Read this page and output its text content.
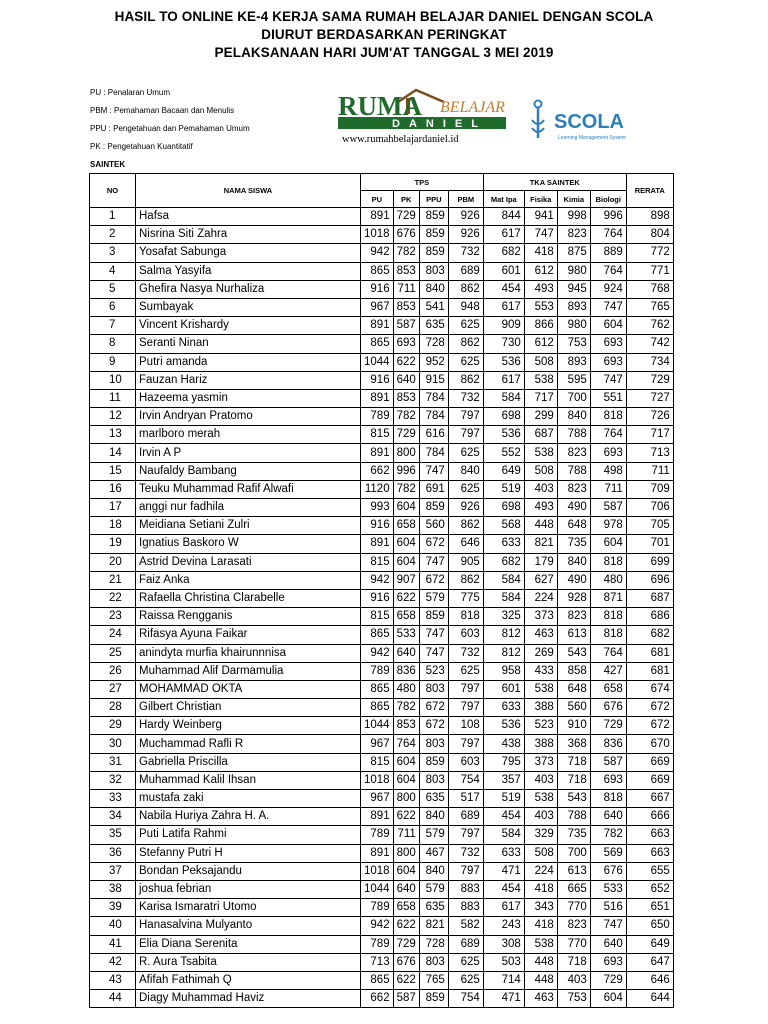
HASIL TO ONLINE KE-4 KERJA SAMA RUMAH BELAJAR DANIEL DENGAN SCOLA
DIURUT BERDASARKAN PERINGKAT
PELAKSANAAN HARI JUM'AT TANGGAL 3 MEI 2019
PU : Penalaran Umum
PBM : Pemahaman Bacaan dan Menulis
PPU : Pengetahuan dan Pemahaman Umum
PK : Pengetahuan Kuantitatif
SAINTEK
RUMA BELAJAR
DANIEL
www.rumahbelajardaniel.id
SCOLA
Learning Management System
NO	NAMA SISWA	TPS				TKA SAINTEK				RERATA
		PU	PK	PPU	PBM	Mat Ipa	Fisika	Kimia	Biologi	
1	Hafsa	891	729	859	926	844	941	998	996	898
2	Nisrina Siti Zahra	1018	676	859	926	617	747	823	764	804
3	Yosafat Sabunga	942	782	859	732	682	418	875	889	772
4	Salma Yasyifa	865	853	803	689	601	612	980	764	771
5	Ghefira Nasya Nurhaliza	916	711	840	862	454	493	945	924	768
6	Sumbayak	967	853	541	948	617	553	893	747	765
7	Vincent Krishardy	891	587	635	625	909	866	980	604	762
8	Seranti Ninan	865	693	728	862	730	612	753	693	742
9	Putri amanda	1044	622	952	625	536	508	893	693	734
10	Fauzan Hariz	916	640	915	862	617	538	595	747	729
11	Hazeema yasmin	891	853	784	732	584	717	700	551	727
12	Irvin Andryan Pratomo	789	782	784	797	698	299	840	818	726
13	marlboro merah	815	729	616	797	536	687	788	764	717
14	Irvin A P	891	800	784	625	552	538	823	693	713
15	Naufaldy Bambang	662	996	747	840	649	508	788	498	711
16	Teuku Muhammad Rafif Alwafi	1120	782	691	625	519	403	823	711	709
17	anggi nur fadhila	993	604	859	926	698	493	490	587	706
18	Meidiana Setiani Zulri	916	658	560	862	568	448	648	978	705
19	Ignatius Baskoro W	891	604	672	646	633	821	735	604	701
20	Astrid Devina Larasati	815	604	747	905	682	179	840	818	699
21	Faiz Anka	942	907	672	862	584	627	490	480	696
22	Rafaella Christina Clarabelle	916	622	579	775	584	224	928	871	687
23	Raissa Rengganis	815	658	859	818	325	373	823	818	686
24	Rifasya Ayuna Faikar	865	533	747	603	812	463	613	818	682
25	anindyta murfia khairunnnisa	942	640	747	732	812	269	543	764	681
26	Muhammad Alif Darmamulia	789	836	523	625	958	433	858	427	681
27	MOHAMMAD OKTA	865	480	803	797	601	538	648	658	674
28	Gilbert Christian	865	782	672	797	633	388	560	676	672
29	Hardy Weinberg	1044	853	672	108	536	523	910	729	672
30	Muchammad Rafli R	967	764	803	797	438	388	368	836	670
31	Gabriella Priscilla	815	604	859	603	795	373	718	587	669
32	Muhammad Kalil Ihsan	1018	604	803	754	357	403	718	693	669
33	mustafa zaki	967	800	635	517	519	538	543	818	667
34	Nabila Huriya Zahra H. A.	891	622	840	689	454	403	788	640	666
35	Puti Latifa Rahmi	789	711	579	797	584	329	735	782	663
36	Stefanny Putri H	891	800	467	732	633	508	700	569	663
37	Bondan Peksajandu	1018	604	840	797	471	224	613	676	655
38	joshua febrian	1044	640	579	883	454	418	665	533	652
39	Karisa Ismaratri Utomo	789	658	635	883	617	343	770	516	651
40	Hanasalvina Mulyanto	942	622	821	582	243	418	823	747	650
41	Elia Diana Serenita	789	729	728	689	308	538	770	640	649
42	R. Aura Tsabita	713	676	803	625	503	448	718	693	647
43	Afifah Fathimah Q	865	622	765	625	714	448	403	729	646
44	Diagy Muhammad Haviz	662	587	859	754	471	463	753	604	644
